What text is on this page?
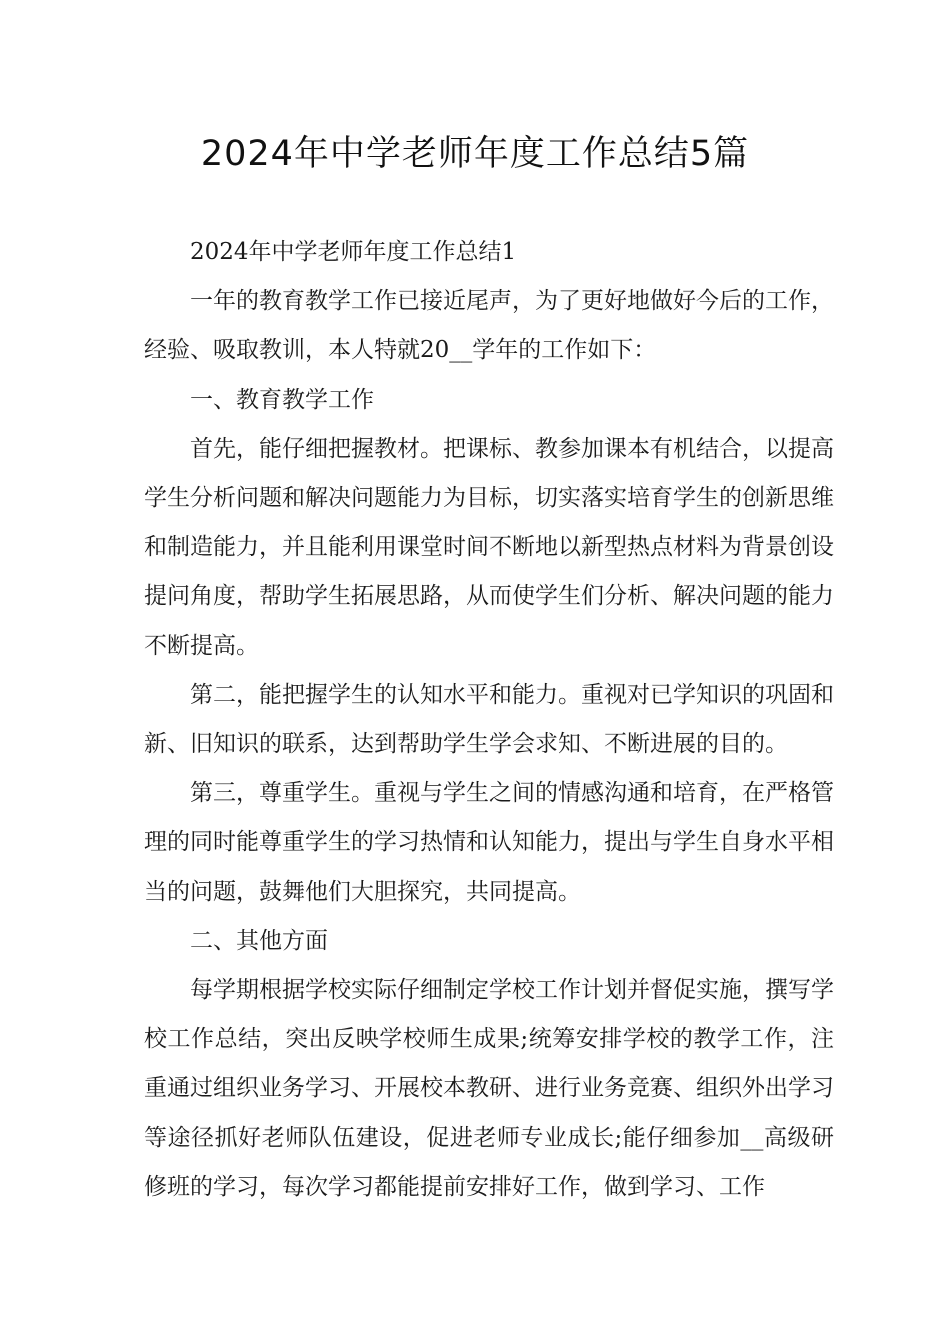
2024年中学老师年度工作总结5篇

2024年中学老师年度工作总结1

一年的教育教学工作已接近尾声，为了更好地做好今后的工作，经验、吸取教训，本人特就20__学年的工作如下：

一、教育教学工作

首先，能仔细把握教材。把课标、教参加课本有机结合，以提高学生分析问题和解决问题能力为目标，切实落实培育学生的创新思维和制造能力，并且能利用课堂时间不断地以新型热点材料为背景创设提问角度，帮助学生拓展思路，从而使学生们分析、解决问题的能力不断提高。

第二，能把握学生的认知水平和能力。重视对已学知识的巩固和新、旧知识的联系，达到帮助学生学会求知、不断进展的目的。

第三，尊重学生。重视与学生之间的情感沟通和培育，在严格管理的同时能尊重学生的学习热情和认知能力，提出与学生自身水平相当的问题，鼓舞他们大胆探究，共同提高。

二、其他方面

每学期根据学校实际仔细制定学校工作计划并督促实施，撰写学校工作总结，突出反映学校师生成果;统筹安排学校的教学工作，注重通过组织业务学习、开展校本教研、进行业务竞赛、组织外出学习等途径抓好老师队伍建设，促进老师专业成长;能仔细参加__高级研修班的学习，每次学习都能提前安排好工作，做到学习、工作
